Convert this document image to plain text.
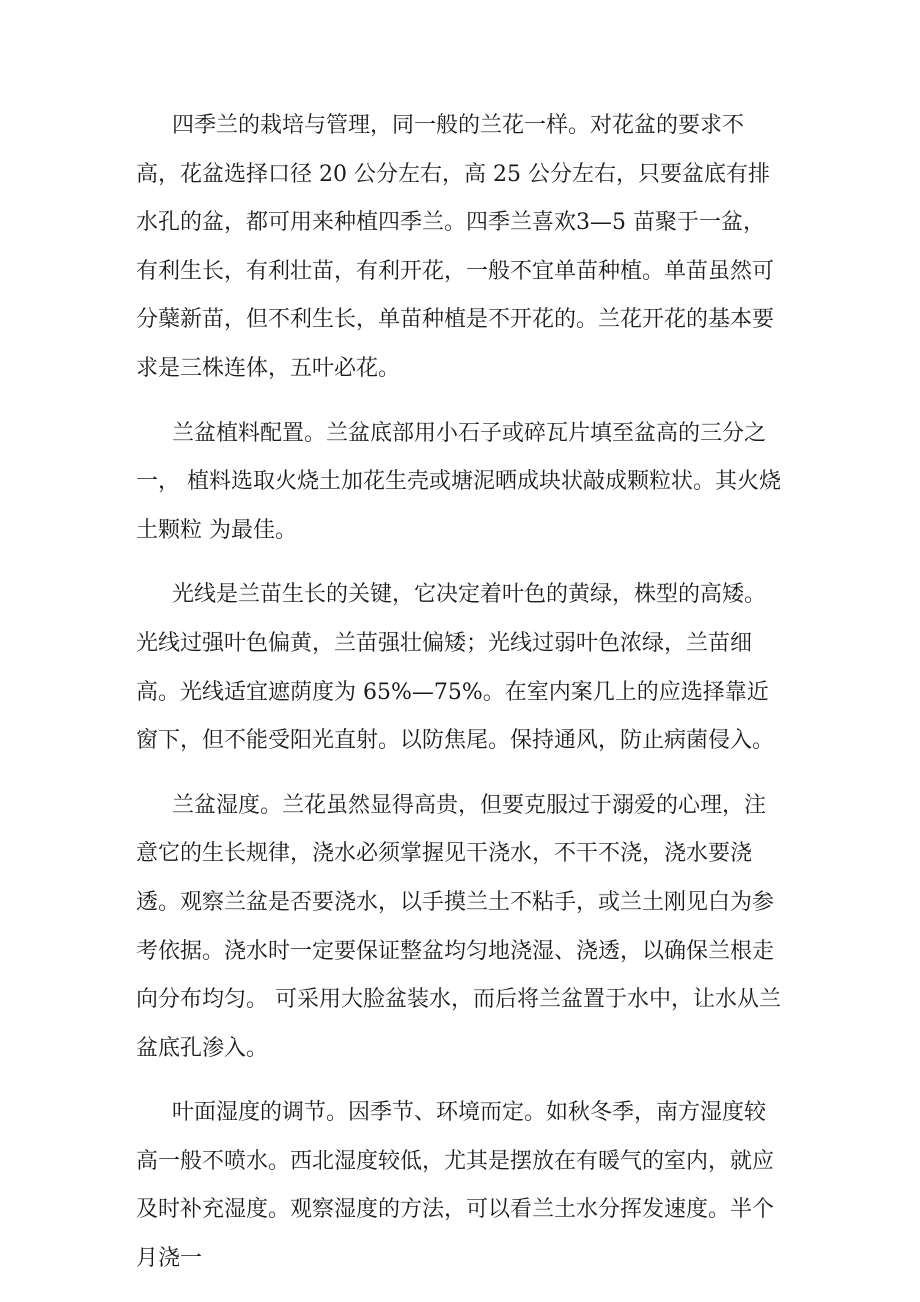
四季兰的栽培与管理，同一般的兰花一样。对花盆的要求不高，花盆选择口径 20 公分左右，高 25 公分左右，只要盆底有排水孔的盆，都可用来种植四季兰。四季兰喜欢3—5 苗聚于一盆，有利生长，有利壮苗，有利开花，一般不宜单苗种植。单苗虽然可分蘖新苗，但不利生长，单苗种植是不开花的。兰花开花的基本要求是三株连体，五叶必花。

兰盆植料配置。兰盆底部用小石子或碎瓦片填至盆高的三分之一， 植料选取火烧土加花生壳或塘泥晒成块状敲成颗粒状。其火烧土颗粒 为最佳。

光线是兰苗生长的关键，它决定着叶色的黄绿，株型的高矮。光线过强叶色偏黄，兰苗强壮偏矮；光线过弱叶色浓绿，兰苗细高。光线适宜遮荫度为 65%—75%。在室内案几上的应选择靠近窗下，但不能受阳光直射。以防焦尾。保持通风，防止病菌侵入。

兰盆湿度。兰花虽然显得高贵，但要克服过于溺爱的心理，注意它的生长规律，浇水必须掌握见干浇水，不干不浇，浇水要浇透。观察兰盆是否要浇水，以手摸兰土不粘手，或兰土刚见白为参考依据。浇水时一定要保证整盆均匀地浇湿、浇透，以确保兰根走向分布均匀。 可采用大脸盆装水，而后将兰盆置于水中，让水从兰盆底孔渗入。

叶面湿度的调节。因季节、环境而定。如秋冬季，南方湿度较高一般不喷水。西北湿度较低，尤其是摆放在有暖气的室内，就应及时补充湿度。观察湿度的方法，可以看兰土水分挥发速度。半个月浇一
